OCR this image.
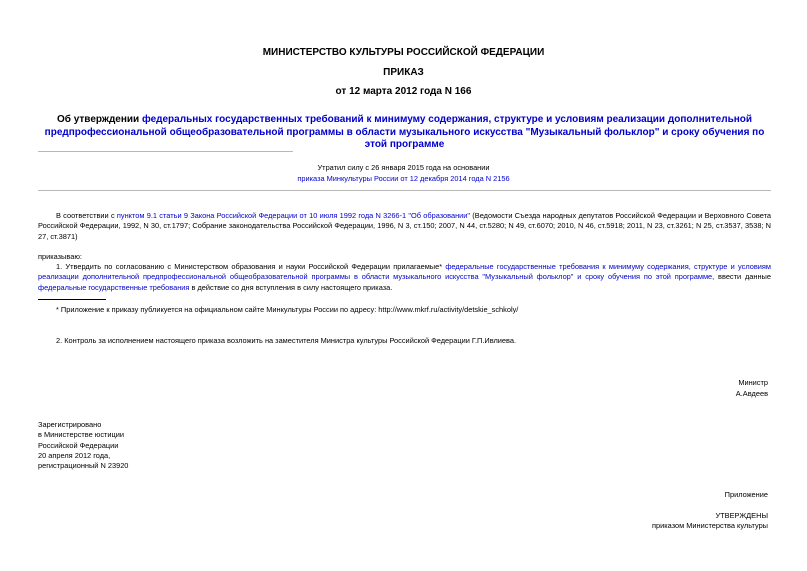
МИНИСТЕРСТВО КУЛЬТУРЫ РОССИЙСКОЙ ФЕДЕРАЦИИ
ПРИКАЗ
от 12 марта 2012 года N 166
Об утверждении федеральных государственных требований к минимуму содержания, структуре и условиям реализации дополнительной предпрофессиональной общеобразовательной программы в области музыкального искусства "Музыкальный фольклор" и сроку обучения по этой программе
Утратил силу с 26 января 2015 года на основании
приказа Минкультуры России от 12 декабря 2014 года N 2156
В соответствии с пунктом 9.1 статьи 9 Закона Российской Федерации от 10 июля 1992 года N 3266-1 "Об образовании" (Ведомости Съезда народных депутатов Российской Федерации и Верховного Совета Российской Федерации, 1992, N 30, ст.1797; Собрание законодательства Российской Федерации, 1996, N 3, ст.150; 2007, N 44, ст.5280; N 49, ст.6070; 2010, N 46, ст.5918; 2011, N 23, ст.3261; N 25, ст.3537, 3538; N 27, ст.3871)
приказываю:
1. Утвердить по согласованию с Министерством образования и науки Российской Федерации прилагаемые* федеральные государственные требования к минимуму содержания, структуре и условиям реализации дополнительной предпрофессиональной общеобразовательной программы в области музыкального искусства "Музыкальный фольклор" и сроку обучения по этой программе, ввести данные федеральные государственные требования в действие со дня вступления в силу настоящего приказа.
* Приложение к приказу публикуется на официальном сайте Минкультуры России по адресу: http://www.mkrf.ru/activity/detskie_schkoly/
2. Контроль за исполнением настоящего приказа возложить на заместителя Министра культуры Российской Федерации Г.П.Ивлиева.
Министр
А.Авдеев
Зарегистрировано
в Министерстве юстиции
Российской Федерации
20 апреля 2012 года,
регистрационный N 23920
Приложение
УТВЕРЖДЕНЫ
приказом Министерства культуры
